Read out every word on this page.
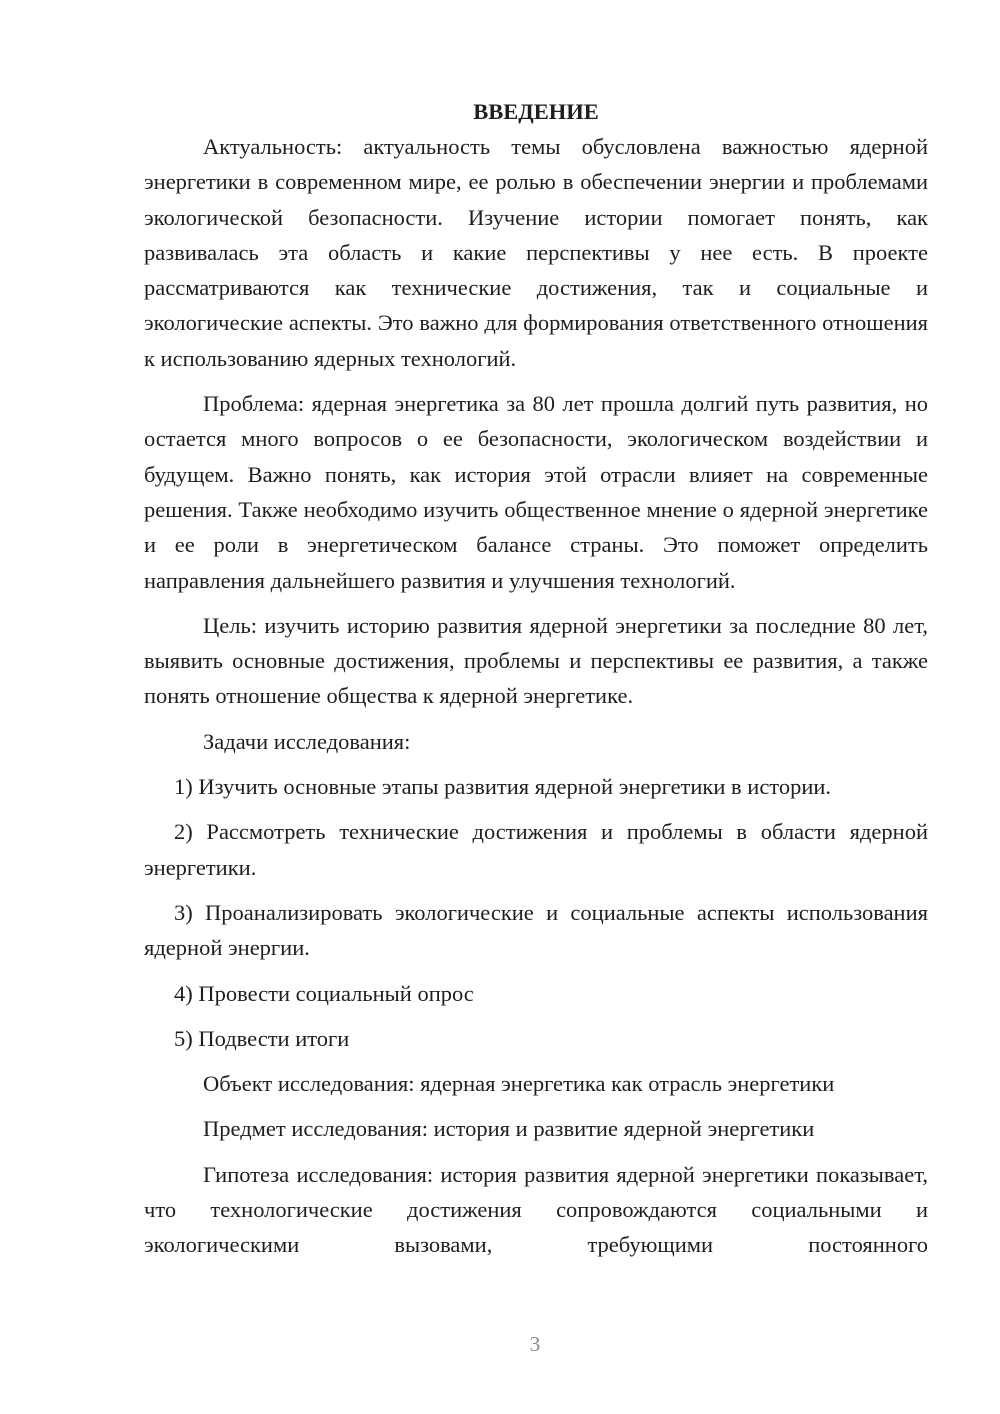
ВВЕДЕНИЕ

Актуальность: актуальность темы обусловлена важностью ядерной энергетики в современном мире, ее ролью в обеспечении энергии и проблемами экологической безопасности. Изучение истории помогает понять, как развивалась эта область и какие перспективы у нее есть. В проекте рассматриваются как технические достижения, так и социальные и экологические аспекты. Это важно для формирования ответственного отношения к использованию ядерных технологий.

Проблема: ядерная энергетика за 80 лет прошла долгий путь развития, но остается много вопросов о ее безопасности, экологическом воздействии и будущем. Важно понять, как история этой отрасли влияет на современные решения. Также необходимо изучить общественное мнение о ядерной энергетике и ее роли в энергетическом балансе страны. Это поможет определить направления дальнейшего развития и улучшения технологий.

Цель: изучить историю развития ядерной энергетики за последние 80 лет, выявить основные достижения, проблемы и перспективы ее развития, а также понять отношение общества к ядерной энергетике.

Задачи исследования:

1) Изучить основные этапы развития ядерной энергетики в истории.

2) Рассмотреть технические достижения и проблемы в области ядерной энергетики.

3) Проанализировать экологические и социальные аспекты использования ядерной энергии.

4) Провести социальный опрос

5) Подвести итоги

Объект исследования: ядерная энергетика как отрасль энергетики

Предмет исследования: история и развитие ядерной энергетики

Гипотеза исследования: история развития ядерной энергетики показывает, что технологические достижения сопровождаются социальными и экологическими вызовами, требующими постоянного

3
